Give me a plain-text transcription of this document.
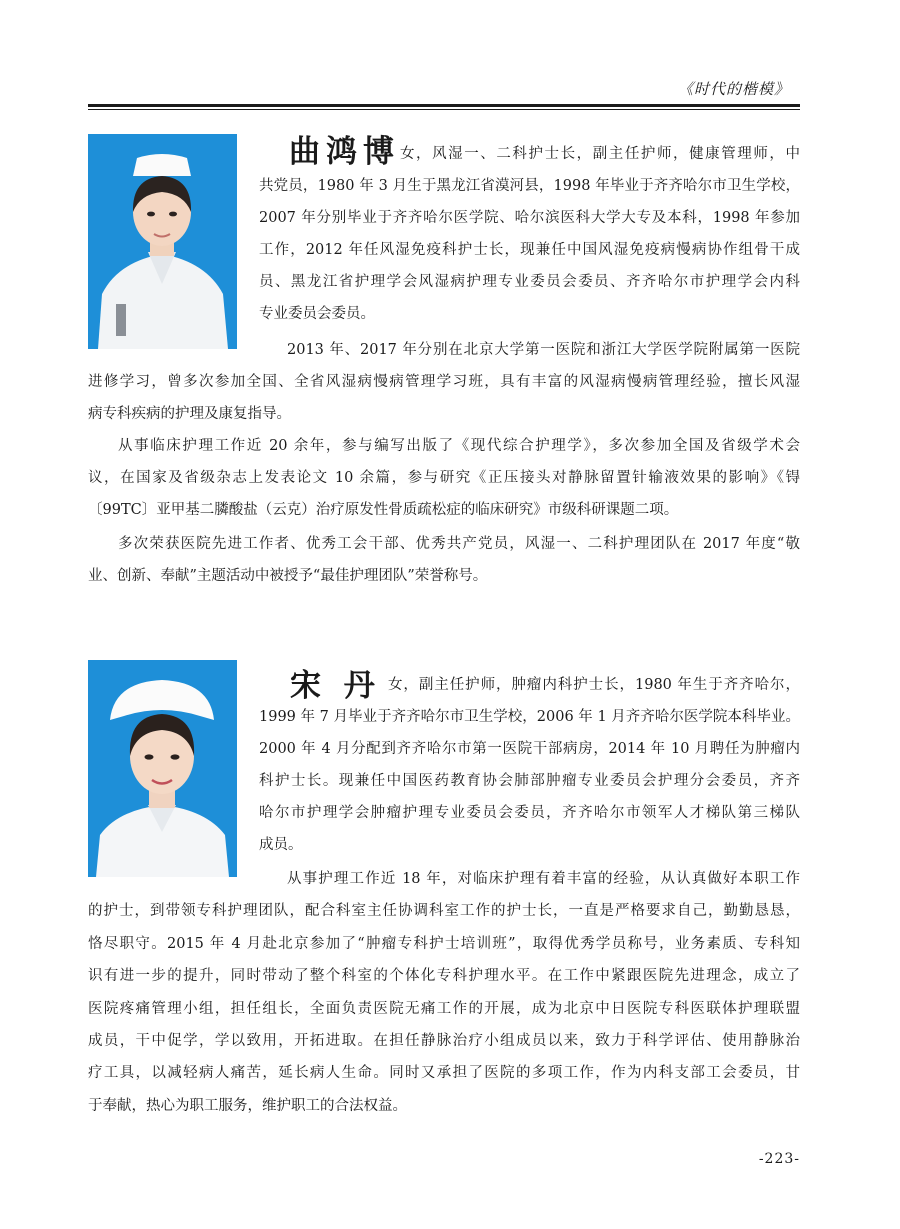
《时代的楷模》
曲鸿博 女，风湿一、二科护士长，副主任护师，健康管理师，中
共党员，1980 年 3 月生于黑龙江省漠河县，1998 年毕业于齐齐哈尔市卫生学校，
2007 年分别毕业于齐齐哈尔医学院、哈尔滨医科大学大专及本科，1998 年参加
工作，2012 年任风湿免疫科护士长，现兼任中国风湿免疫病慢病协作组骨干成
员、黑龙江省护理学会风湿病护理专业委员会委员、齐齐哈尔市护理学会内科
专业委员会委员。
2013 年、2017 年分别在北京大学第一医院和浙江大学医学院附属第一医院
进修学习，曾多次参加全国、全省风湿病慢病管理学习班，具有丰富的风湿病慢病管理经验，擅长风湿
病专科疾病的护理及康复指导。
从事临床护理工作近 20 余年，参与编写出版了《现代综合护理学》，多次参加全国及省级学术会
议，在国家及省级杂志上发表论文 10 余篇，参与研究《正压接头对静脉留置针输液效果的影响》《锝
〔99TC〕亚甲基二膦酸盐（云克）治疗原发性骨质疏松症的临床研究》市级科研课题二项。
多次荣获医院先进工作者、优秀工会干部、优秀共产党员，风湿一、二科护理团队在 2017 年度“敬
业、创新、奉献”主题活动中被授予“最佳护理团队”荣誉称号。
宋 丹 女，副主任护师，肿瘤内科护士长，1980 年生于齐齐哈尔，
1999 年 7 月毕业于齐齐哈尔市卫生学校，2006 年 1 月齐齐哈尔医学院本科毕业。
2000 年 4 月分配到齐齐哈尔市第一医院干部病房，2014 年 10 月聘任为肿瘤内
科护士长。现兼任中国医药教育协会肺部肿瘤专业委员会护理分会委员，齐齐
哈尔市护理学会肿瘤护理专业委员会委员，齐齐哈尔市领军人才梯队第三梯队
成员。
从事护理工作近 18 年，对临床护理有着丰富的经验，从认真做好本职工作
的护士，到带领专科护理团队，配合科室主任协调科室工作的护士长，一直是严格要求自己，勤勤恳恳，
恪尽职守。2015 年 4 月赴北京参加了“肿瘤专科护士培训班”，取得优秀学员称号，业务素质、专科知
识有进一步的提升，同时带动了整个科室的个体化专科护理水平。在工作中紧跟医院先进理念，成立了
医院疼痛管理小组，担任组长，全面负责医院无痛工作的开展，成为北京中日医院专科医联体护理联盟
成员，干中促学，学以致用，开拓进取。在担任静脉治疗小组成员以来，致力于科学评估、使用静脉治
疗工具，以减轻病人痛苦，延长病人生命。同时又承担了医院的多项工作，作为内科支部工会委员，甘
于奉献，热心为职工服务，维护职工的合法权益。
-223-
